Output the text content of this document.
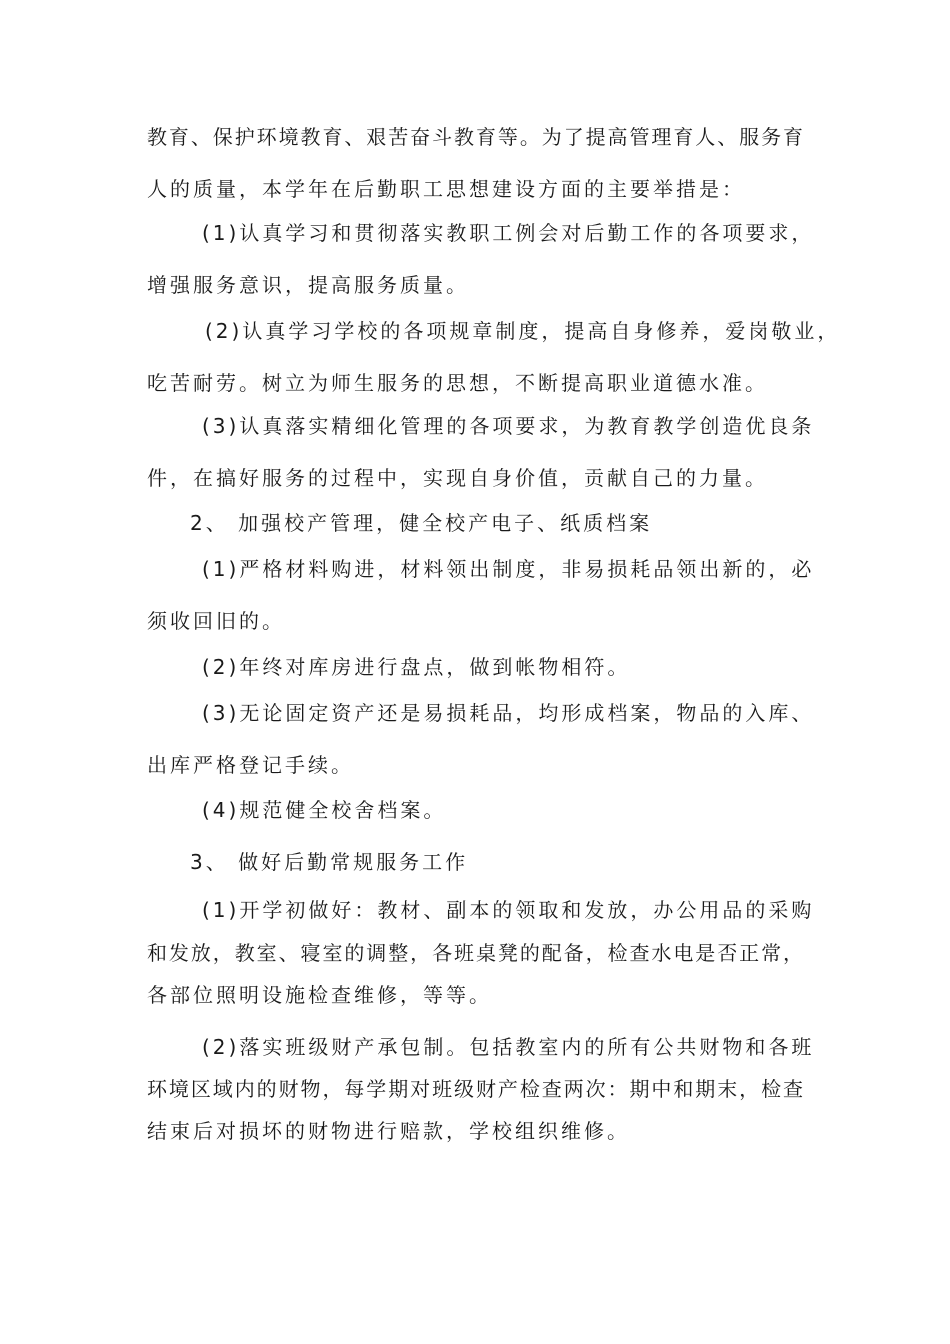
教育、保护环境教育、艰苦奋斗教育等。为了提高管理育人、服务育
人的质量，本学年在后勤职工思想建设方面的主要举措是：
(1)认真学习和贯彻落实教职工例会对后勤工作的各项要求，
增强服务意识，提高服务质量。
(2)认真学习学校的各项规章制度，提高自身修养，爱岗敬业，
吃苦耐劳。树立为师生服务的思想，不断提高职业道德水准。
(3)认真落实精细化管理的各项要求，为教育教学创造优良条
件，在搞好服务的过程中，实现自身价值，贡献自己的力量。
2、 加强校产管理，健全校产电子、纸质档案
(1)严格材料购进，材料领出制度，非易损耗品领出新的，必
须收回旧的。
(2)年终对库房进行盘点，做到帐物相符。
(3)无论固定资产还是易损耗品，均形成档案，物品的入库、
出库严格登记手续。
(4)规范健全校舍档案。
3、 做好后勤常规服务工作
(1)开学初做好：教材、副本的领取和发放，办公用品的采购
和发放，教室、寝室的调整，各班桌凳的配备，检查水电是否正常，
各部位照明设施检查维修，等等。
(2)落实班级财产承包制。包括教室内的所有公共财物和各班
环境区域内的财物，每学期对班级财产检查两次：期中和期末，检查
结束后对损坏的财物进行赔款，学校组织维修。
